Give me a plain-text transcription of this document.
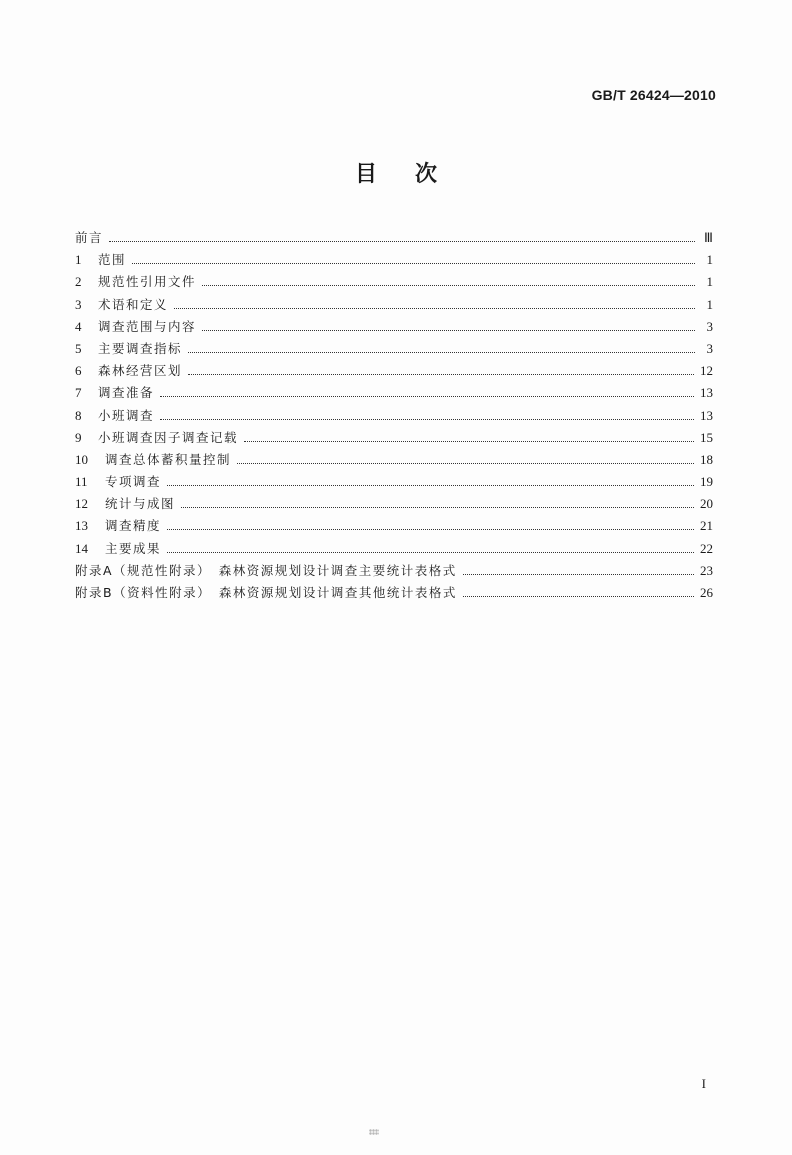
GB/T 26424—2010
目次
前言	Ⅲ
1	范围	1
2	规范性引用文件	1
3	术语和定义	1
4	调查范围与内容	3
5	主要调查指标	3
6	森林经营区划	12
7	调查准备	13
8	小班调查	13
9	小班调查因子调查记载	15
10	调查总体蓄积量控制	18
11	专项调查	19
12	统计与成图	20
13	调查精度	21
14	主要成果	22
附录A（规范性附录）　森林资源规划设计调查主要统计表格式	23
附录B（资料性附录）　森林资源规划设计调查其他统计表格式	26
I
